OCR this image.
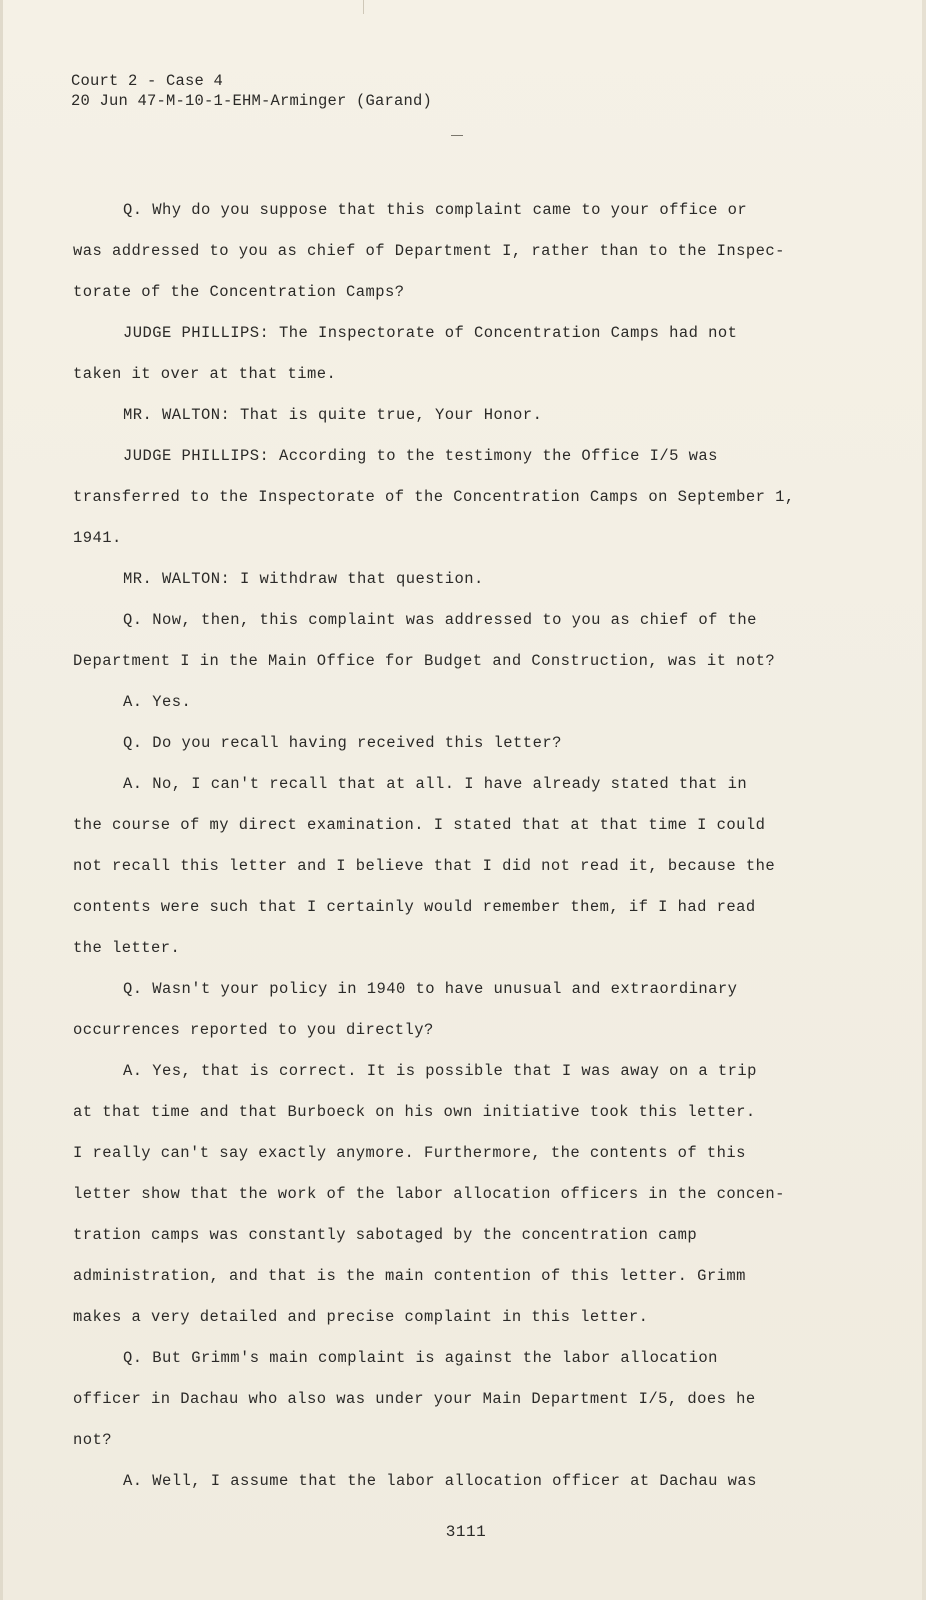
Court 2 - Case 4
20 Jun 47-M-10-1-EHM-Arminger (Garand)
Q. Why do you suppose that this complaint came to your office or
was addressed to you as chief of Department I, rather than to the Inspec-
torate of the Concentration Camps?
JUDGE PHILLIPS: The Inspectorate of Concentration Camps had not
taken it over at that time.
MR. WALTON: That is quite true, Your Honor.
JUDGE PHILLIPS: According to the testimony the Office I/5 was
transferred to the Inspectorate of the Concentration Camps on September 1,
1941.
MR. WALTON: I withdraw that question.
Q. Now, then, this complaint was addressed to you as chief of the
Department I in the Main Office for Budget and Construction, was it not?
A. Yes.
Q. Do you recall having received this letter?
A. No, I can't recall that at all. I have already stated that in
the course of my direct examination. I stated that at that time I could
not recall this letter and I believe that I did not read it, because the
contents were such that I certainly would remember them, if I had read
the letter.
Q. Wasn't your policy in 1940 to have unusual and extraordinary
occurrences reported to you directly?
A. Yes, that is correct. It is possible that I was away on a trip
at that time and that Burboeck on his own initiative took this letter.
I really can't say exactly anymore. Furthermore, the contents of this
letter show that the work of the labor allocation officers in the concen-
tration camps was constantly sabotaged by the concentration camp
administration, and that is the main contention of this letter. Grimm
makes a very detailed and precise complaint in this letter.
Q. But Grimm's main complaint is against the labor allocation
officer in Dachau who also was under your Main Department I/5, does he
not?
A. Well, I assume that the labor allocation officer at Dachau was
3111
